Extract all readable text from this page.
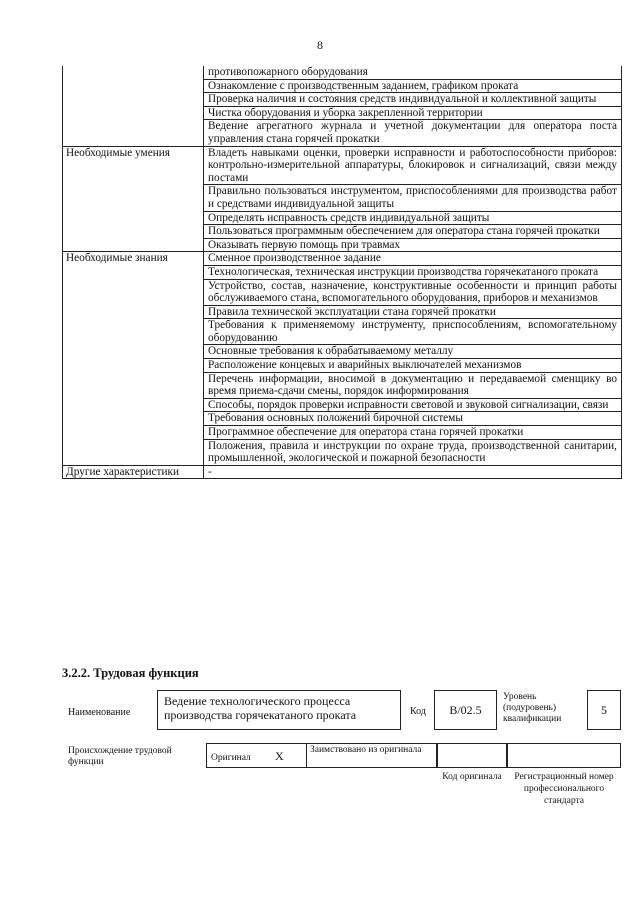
8
	противопожарного оборудования
	Ознакомление с производственным заданием, графиком проката
	Проверка наличия и состояния средств индивидуальной и коллективной защиты
	Чистка оборудования и уборка закрепленной территории
	Ведение агрегатного журнала и учетной документации для оператора поста управления стана горячей прокатки
Необходимые умения	Владеть навыками оценки, проверки исправности и работоспособности приборов: контрольно-измерительной аппаратуры, блокировок и сигнализаций, связи между постами
	Правильно пользоваться инструментом, приспособлениями для производства работ и средствами индивидуальной защиты
	Определять исправность средств индивидуальной защиты
	Пользоваться программным обеспечением для оператора стана горячей прокатки
	Оказывать первую помощь при травмах
Необходимые знания	Сменное производственное задание
	Технологическая, техническая инструкции производства горячекатаного проката
	Устройство, состав, назначение, конструктивные особенности и принцип работы обслуживаемого стана, вспомогательного оборудования, приборов и механизмов
	Правила технической эксплуатации стана горячей прокатки
	Требования к применяемому инструменту, приспособлениям, вспомогательному оборудованию
	Основные требования к обрабатываемому металлу
	Расположение концевых и аварийных выключателей механизмов
	Перечень информации, вносимой в документацию и передаваемой сменщику во время приема-сдачи смены, порядок информирования
	Способы, порядок проверки исправности световой и звуковой сигнализации, связи
	Требования основных положений бирочной системы
	Программное обеспечение для оператора стана горячей прокатки
	Положения, правила и инструкции по охране труда, производственной санитарии, промышленной, экологической и пожарной безопасности
Другие характеристики	-
3.2.2. Трудовая функция
Наименование
Ведение технологического процесса производства горячекатаного проката	Код	B/02.5
Уровень (подуровень) квалификации
5
Происхождение трудовой функции	Оригинал X	Заимствовано из оригинала
Код оригинала	Регистрационный номер профессионального стандарта
